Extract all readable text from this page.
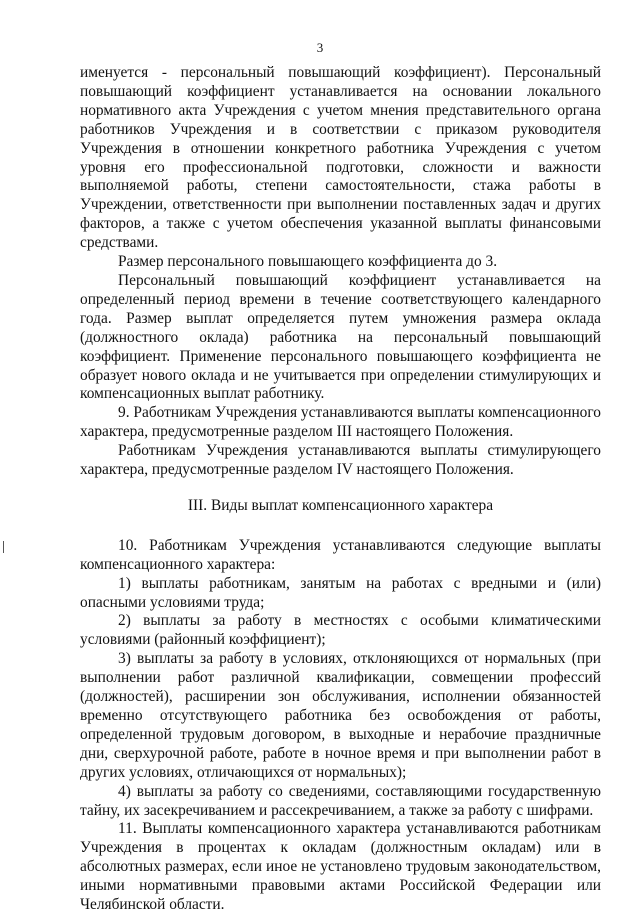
3

именуется - персональный повышающий коэффициент). Персональный повышающий коэффициент устанавливается на основании локального нормативного акта Учреждения с учетом мнения представительного органа работников Учреждения и в соответствии с приказом руководителя Учреждения в отношении конкретного работника Учреждения с учетом уровня его профессиональной подготовки, сложности и важности выполняемой работы, степени самостоятельности, стажа работы в Учреждении, ответственности при выполнении поставленных задач и других факторов, а также с учетом обеспечения указанной выплаты финансовыми средствами.

Размер персонального повышающего коэффициента до 3.

Персональный повышающий коэффициент устанавливается на определенный период времени в течение соответствующего календарного года. Размер выплат определяется путем умножения размера оклада (должностного оклада) работника на персональный повышающий коэффициент. Применение персонального повышающего коэффициента не образует нового оклада и не учитывается при определении стимулирующих и компенсационных выплат работнику.

9. Работникам Учреждения устанавливаются выплаты компенсационного характера, предусмотренные разделом III настоящего Положения.

Работникам Учреждения устанавливаются выплаты стимулирующего характера, предусмотренные разделом IV настоящего Положения.

III. Виды выплат компенсационного характера

10. Работникам Учреждения устанавливаются следующие выплаты компенсационного характера:

1) выплаты работникам, занятым на работах с вредными и (или) опасными условиями труда;

2) выплаты за работу в местностях с особыми климатическими условиями (районный коэффициент);

3) выплаты за работу в условиях, отклоняющихся от нормальных (при выполнении работ различной квалификации, совмещении профессий (должностей), расширении зон обслуживания, исполнении обязанностей временно отсутствующего работника без освобождения от работы, определенной трудовым договором, в выходные и нерабочие праздничные дни, сверхурочной работе, работе в ночное время и при выполнении работ в других условиях, отличающихся от нормальных);

4) выплаты за работу со сведениями, составляющими государственную тайну, их засекречиванием и рассекречиванием, а также за работу с шифрами.

11. Выплаты компенсационного характера устанавливаются работникам Учреждения в процентах к окладам (должностным окладам) или в абсолютных размерах, если иное не установлено трудовым законодательством, иными нормативными правовыми актами Российской Федерации или Челябинской области.
